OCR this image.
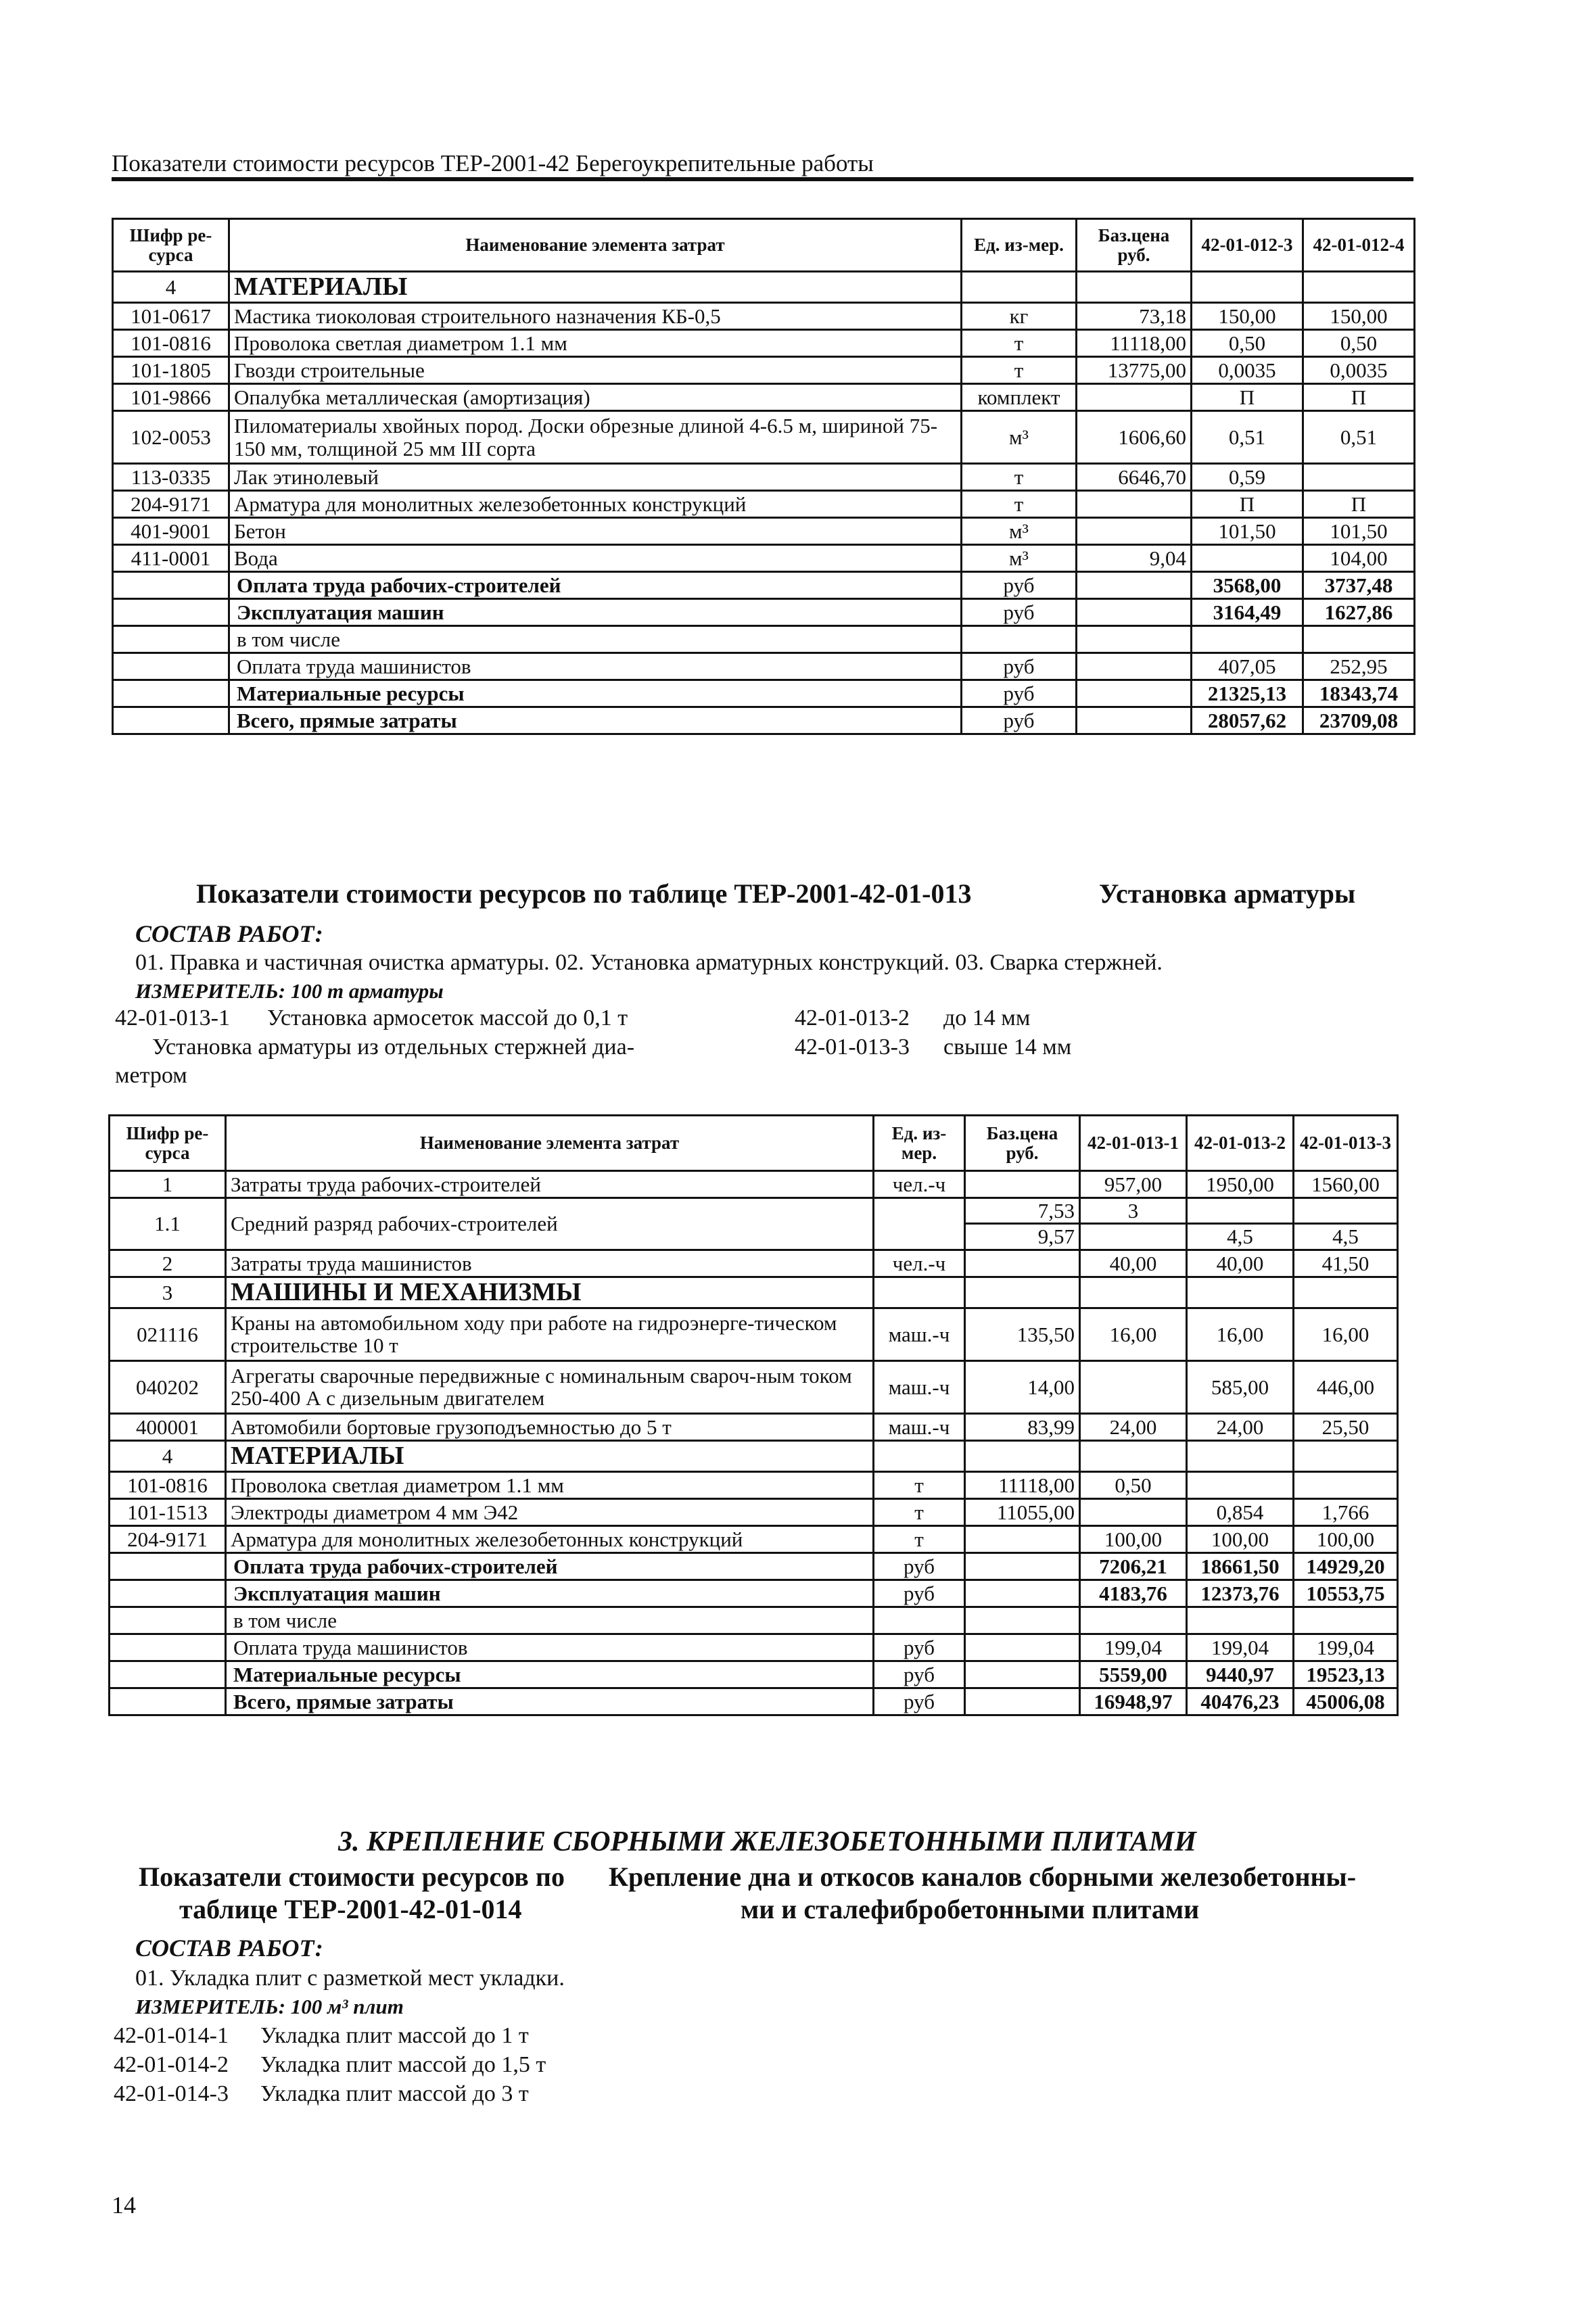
Показатели стоимости ресурсов ТЕР-2001-42 Берегоукрепительные работы
Шифр ре-сурса	Наименование элемента затрат	Ед. из-мер.	Баз.цена руб.	42-01-012-3	42-01-012-4
4	МАТЕРИАЛЫ				
101-0617	Мастика тиоколовая строительного назначения КБ-0,5	кг	73,18	150,00	150,00
101-0816	Проволока светлая диаметром 1.1 мм	т	11118,00	0,50	0,50
101-1805	Гвозди строительные	т	13775,00	0,0035	0,0035
101-9866	Опалубка металлическая (амортизация)	комплект		П	П
102-0053	Пиломатериалы хвойных пород. Доски обрезные длиной 4-6.5 м, шириной 75-150 мм, толщиной 25 мм III сорта	м³	1606,60	0,51	0,51
113-0335	Лак этинолевый	т	6646,70	0,59	
204-9171	Арматура для монолитных железобетонных конструкций	т		П	П
401-9001	Бетон	м³		101,50	101,50
411-0001	Вода	м³	9,04		104,00
	Оплата труда рабочих-строителей	руб		3568,00	3737,48
	Эксплуатация машин	руб		3164,49	1627,86
	в том числе				
	Оплата труда машинистов	руб		407,05	252,95
	Материальные ресурсы	руб		21325,13	18343,74
	Всего, прямые затраты	руб		28057,62	23709,08
Показатели стоимости ресурсов по таблице ТЕР-2001-42-01-013	Установка арматуры
СОСТАВ РАБОТ:
01. Правка и частичная очистка арматуры. 02. Установка арматурных конструкций. 03. Сварка стержней.
ИЗМЕРИТЕЛЬ: 100 т арматуры
42-01-013-1 Установка армосеток массой до 0,1 т
Установка арматуры из отдельных стержней диа-
метром
42-01-013-2 до 14 мм
42-01-013-3 свыше 14 мм
Шифр ре-сурса	Наименование элемента затрат	Ед. из-мер.	Баз.цена руб.	42-01-013-1	42-01-013-2	42-01-013-3
1	Затраты труда рабочих-строителей	чел.-ч		957,00	1950,00	1560,00
1.1	Средний разряд рабочих-строителей		7,53	3		
			9,57		4,5	4,5
2	Затраты труда машинистов	чел.-ч		40,00	40,00	41,50
3	МАШИНЫ И МЕХАНИЗМЫ					
021116	Краны на автомобильном ходу при работе на гидроэнерге-тическом строительстве 10 т	маш.-ч	135,50	16,00	16,00	16,00
040202	Агрегаты сварочные передвижные с номинальным свароч-ным током 250-400 А с дизельным двигателем	маш.-ч	14,00		585,00	446,00
400001	Автомобили бортовые грузоподъемностью до 5 т	маш.-ч	83,99	24,00	24,00	25,50
4	МАТЕРИАЛЫ					
101-0816	Проволока светлая диаметром 1.1 мм	т	11118,00	0,50		
101-1513	Электроды диаметром 4 мм Э42	т	11055,00		0,854	1,766
204-9171	Арматура для монолитных железобетонных конструкций	т		100,00	100,00	100,00
	Оплата труда рабочих-строителей	руб		7206,21	18661,50	14929,20
	Эксплуатация машин	руб		4183,76	12373,76	10553,75
	в том числе					
	Оплата труда машинистов	руб		199,04	199,04	199,04
	Материальные ресурсы	руб		5559,00	9440,97	19523,13
	Всего, прямые затраты	руб		16948,97	40476,23	45006,08
3. КРЕПЛЕНИЕ СБОРНЫМИ ЖЕЛЕЗОБЕТОННЫМИ ПЛИТАМИ
Показатели стоимости ресурсов по
таблице ТЕР-2001-42-01-014
Крепление дна и откосов каналов сборными железобетонны-
ми и сталефибробетонными плитами
СОСТАВ РАБОТ:
01. Укладка плит с разметкой мест укладки.
ИЗМЕРИТЕЛЬ: 100 м³ плит
42-01-014-1 Укладка плит массой до 1 т
42-01-014-2 Укладка плит массой до 1,5 т
42-01-014-3 Укладка плит массой до 3 т
14
